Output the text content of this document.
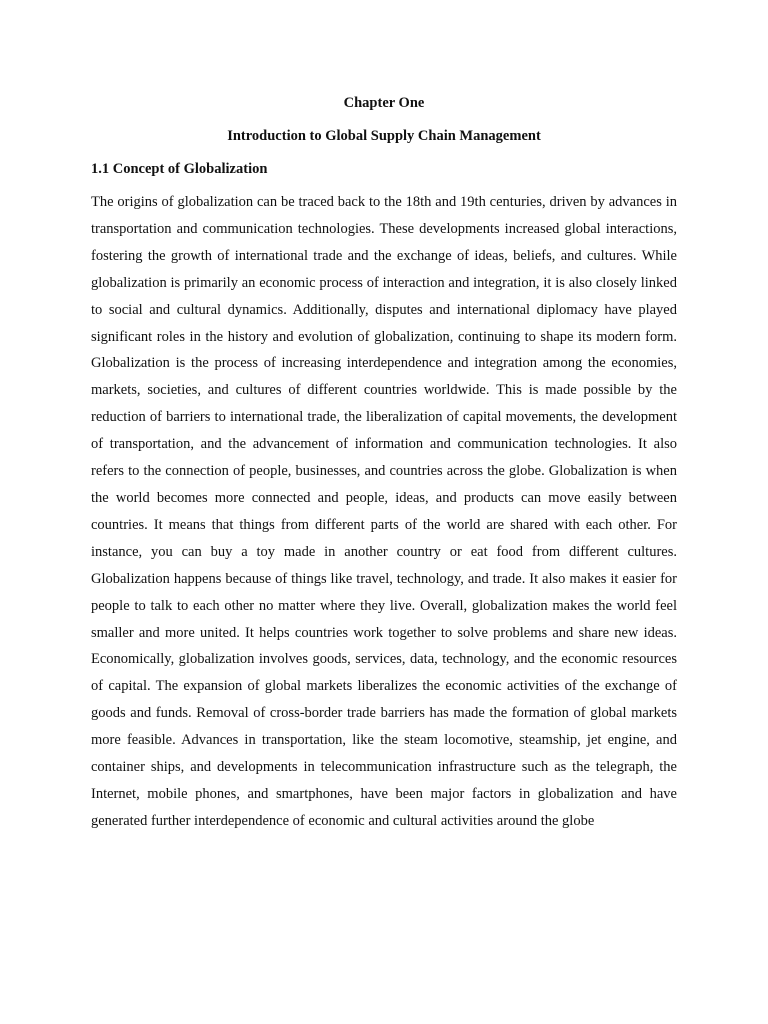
Chapter One
Introduction to Global Supply Chain Management
1.1 Concept of Globalization

The origins of globalization can be traced back to the 18th and 19th centuries, driven by advances in transportation and communication technologies. These developments increased global interactions, fostering the growth of international trade and the exchange of ideas, beliefs, and cultures. While globalization is primarily an economic process of interaction and integration, it is also closely linked to social and cultural dynamics. Additionally, disputes and international diplomacy have played significant roles in the history and evolution of globalization, continuing to shape its modern form. Globalization is the process of increasing interdependence and integration among the economies, markets, societies, and cultures of different countries worldwide. This is made possible by the reduction of barriers to international trade, the liberalization of capital movements, the development of transportation, and the advancement of information and communication technologies. It also refers to the connection of people, businesses, and countries across the globe. Globalization is when the world becomes more connected and people, ideas, and products can move easily between countries. It means that things from different parts of the world are shared with each other. For instance, you can buy a toy made in another country or eat food from different cultures. Globalization happens because of things like travel, technology, and trade. It also makes it easier for people to talk to each other no matter where they live. Overall, globalization makes the world feel smaller and more united. It helps countries work together to solve problems and share new ideas. Economically, globalization involves goods, services, data, technology, and the economic resources of capital. The expansion of global markets liberalizes the economic activities of the exchange of goods and funds. Removal of cross-border trade barriers has made the formation of global markets more feasible. Advances in transportation, like the steam locomotive, steamship, jet engine, and container ships, and developments in telecommunication infrastructure such as the telegraph, the Internet, mobile phones, and smartphones, have been major factors in globalization and have generated further interdependence of economic and cultural activities around the globe
